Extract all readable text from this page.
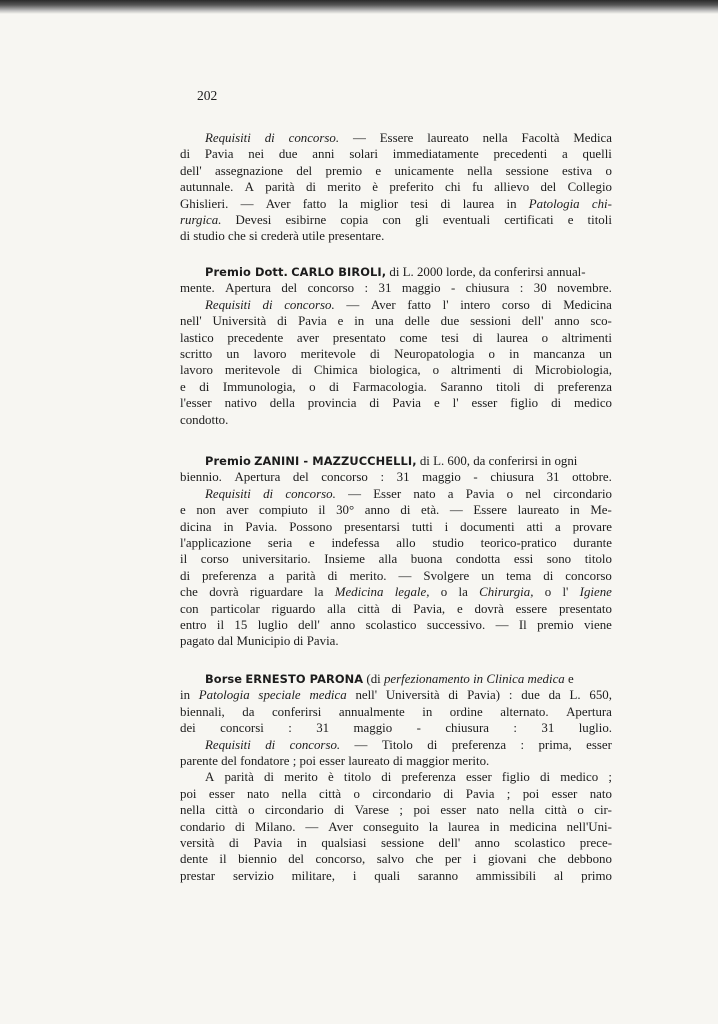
202
Requisiti di concorso. — Essere laureato nella Facoltà Medica
di Pavia nei due anni solari immediatamente precedenti a quelli
dell' assegnazione del premio e unicamente nella sessione estiva o
autunnale. A parità di merito è preferito chi fu allievo del Collegio
Ghislieri. — Aver fatto la miglior tesi di laurea in Patologia chi-
rurgica. Devesi esibirne copia con gli eventuali certificati e titoli
di studio che si crederà utile presentare.
Premio Dott. CARLO BIROLI, di L. 2000 lorde, da conferirsi annual-
mente. Apertura del concorso : 31 maggio - chiusura : 30 novembre.
Requisiti di concorso. — Aver fatto l' intero corso di Medicina
nell' Università di Pavia e in una delle due sessioni dell' anno sco-
lastico precedente aver presentato come tesi di laurea o altrimenti
scritto un lavoro meritevole di Neuropatologia o in mancanza un
lavoro meritevole di Chimica biologica, o altrimenti di Microbiologia,
e di Immunologia, o di Farmacologia. Saranno titoli di preferenza
l'esser nativo della provincia di Pavia e l' esser figlio di medico
condotto.
Premio ZANINI - MAZZUCCHELLI, di L. 600, da conferirsi in ogni
biennio. Apertura del concorso : 31 maggio - chiusura 31 ottobre.
Requisiti di concorso. — Esser nato a Pavia o nel circondario
e non aver compiuto il 30° anno di età. — Essere laureato in Me-
dicina in Pavia. Possono presentarsi tutti i documenti atti a provare
l'applicazione seria e indefessa allo studio teorico-pratico durante
il corso universitario. Insieme alla buona condotta essi sono titolo
di preferenza a parità di merito. — Svolgere un tema di concorso
che dovrà riguardare la Medicina legale, o la Chirurgia, o l' Igiene
con particolar riguardo alla città di Pavia, e dovrà essere presentato
entro il 15 luglio dell' anno scolastico successivo. — Il premio viene
pagato dal Municipio di Pavia.
Borse ERNESTO PARONA (di perfezionamento in Clinica medica e
in Patologia speciale medica nell' Università di Pavia) : due da L. 650,
biennali, da conferirsi annualmente in ordine alternato. Apertura
dei concorsi : 31 maggio - chiusura : 31 luglio.
Requisiti di concorso. — Titolo di preferenza : prima, esser
parente del fondatore ; poi esser laureato di maggior merito.
A parità di merito è titolo di preferenza esser figlio di medico ;
poi esser nato nella città o circondario di Pavia ; poi esser nato
nella città o circondario di Varese ; poi esser nato nella città o cir-
condario di Milano. — Aver conseguito la laurea in medicina nell'Uni-
versità di Pavia in qualsiasi sessione dell' anno scolastico prece-
dente il biennio del concorso, salvo che per i giovani che debbono
prestar servizio militare, i quali saranno ammissibili al primo
